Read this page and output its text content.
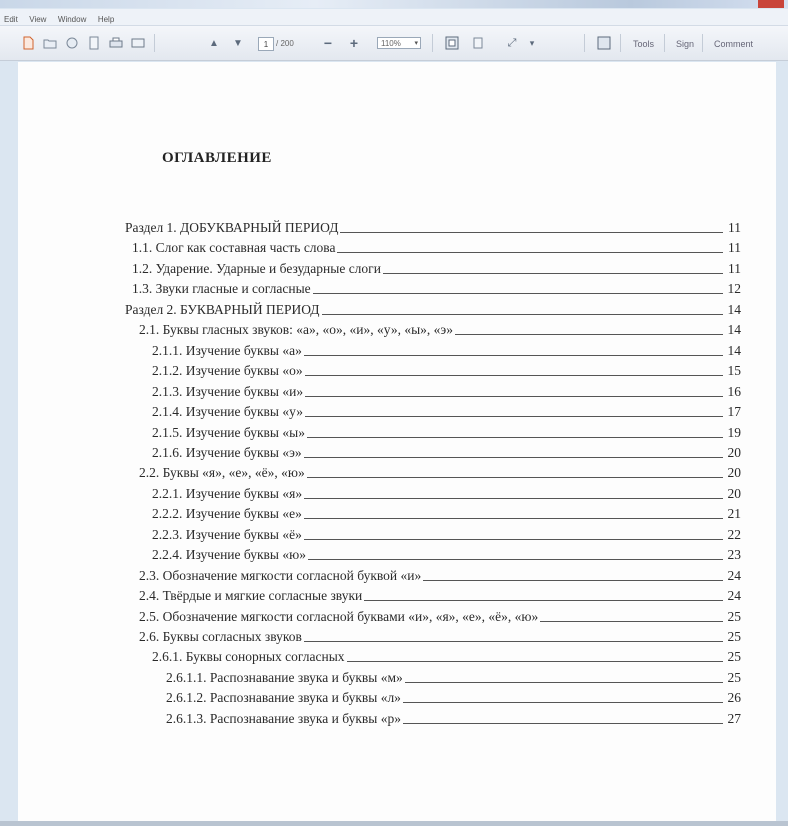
Edit View Window Help
▲	▼	1 / 200 − +	110% ▾	⤢	▾	Tools Sign Comment
ОГЛАВЛЕНИЕ
Раздел 1. ДОБУКВАРНЫЙ ПЕРИОД	11
1.1. Слог как составная часть слова	11
1.2. Ударение. Ударные и безударные слоги	11
1.3. Звуки гласные и согласные	12
Раздел 2. БУКВАРНЫЙ ПЕРИОД	14
2.1. Буквы гласных звуков: «а», «о», «и», «у», «ы», «э»	14
2.1.1. Изучение буквы «а»	14
2.1.2. Изучение буквы «о»	15
2.1.3. Изучение буквы «и»	16
2.1.4. Изучение буквы «у»	17
2.1.5. Изучение буквы «ы»	19
2.1.6. Изучение буквы «э»	20
2.2. Буквы «я», «е», «ё», «ю»	20
2.2.1. Изучение буквы «я»	20
2.2.2. Изучение буквы «е»	21
2.2.3. Изучение буквы «ё»	22
2.2.4. Изучение буквы «ю»	23
2.3. Обозначение мягкости согласной буквой «и»	24
2.4. Твёрдые и мягкие согласные звуки	24
2.5. Обозначение мягкости согласной буквами «и», «я», «е», «ё», «ю»	25
2.6. Буквы согласных звуков	25
2.6.1. Буквы сонорных согласных	25
2.6.1.1. Распознавание звука и буквы «м»	25
2.6.1.2. Распознавание звука и буквы «л»	26
2.6.1.3. Распознавание звука и буквы «р»	27
